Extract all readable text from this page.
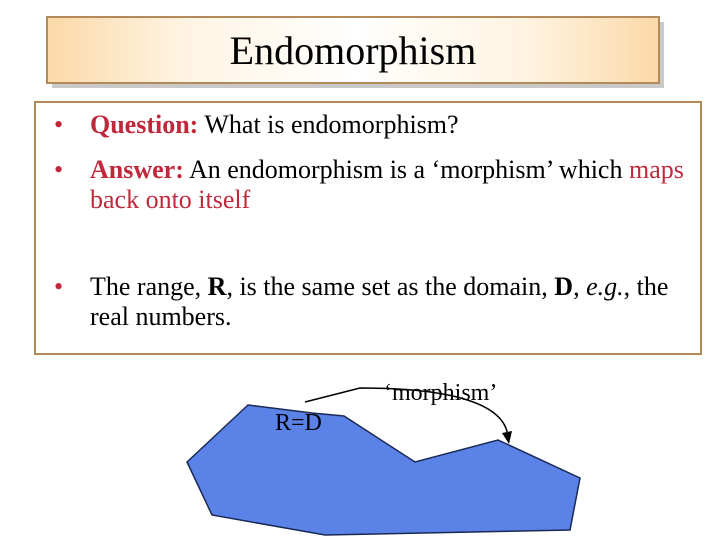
Endomorphism
•	Question: What is endomorphism?
•	Answer: An endomorphism is a ‘morphism’ which maps back onto itself
•	The range, R, is the same set as the domain, D, e.g., the real numbers.
‘morphism’
R=D
